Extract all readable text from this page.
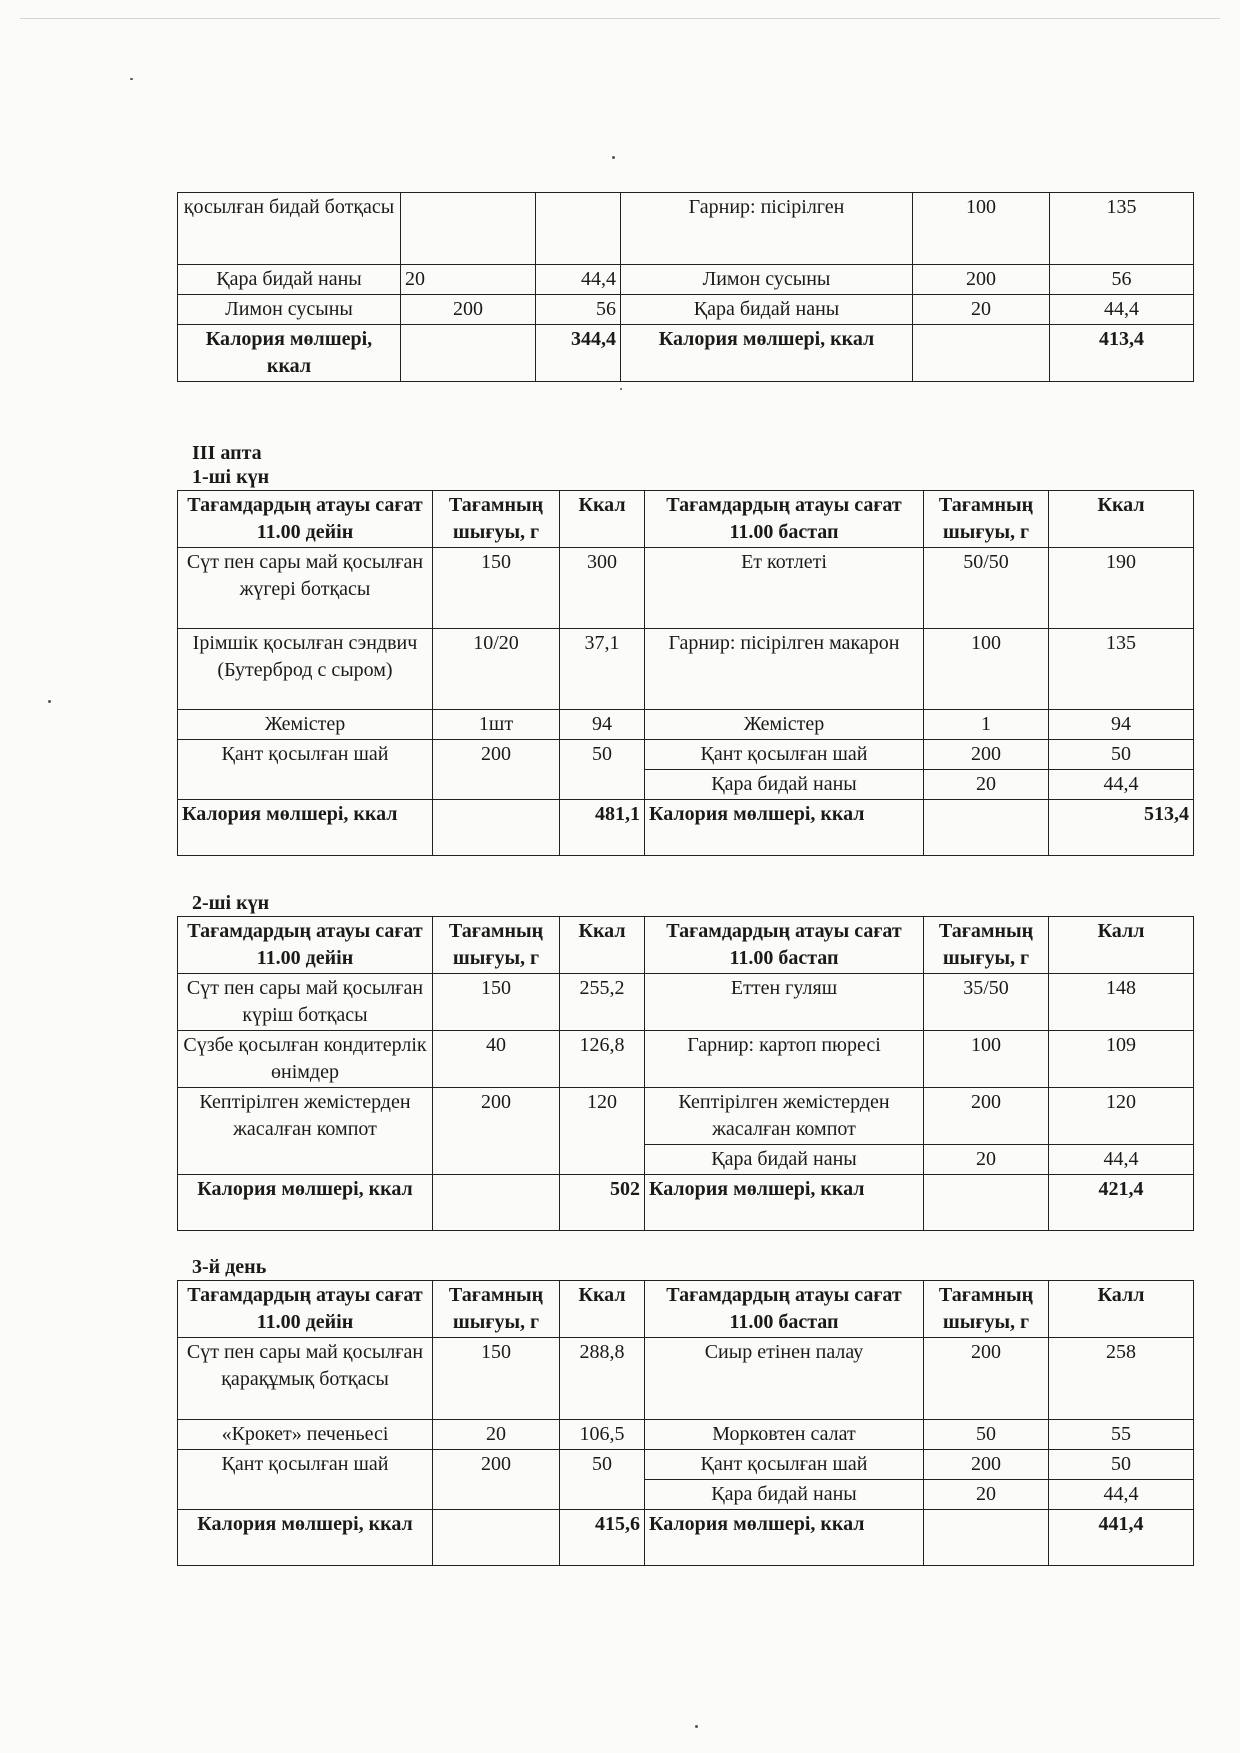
қосылған бидай ботқасы			Гарнир: пісірілген	100	135
Қара бидай наны	20	44,4	Лимон сусыны	200	56
Лимон сусыны	200	56	Қара бидай наны	20	44,4
Калория мөлшері, ккал		344,4	Калория мөлшері, ккал		413,4
III апта
1-ші күн
Тағамдардың атауы сағат 11.00 дейін	Тағамның шығуы, г	Ккал	Тағамдардың атауы сағат 11.00 бастап	Тағамның шығуы, г	Ккал
Сүт пен сары май қосылған жүгері ботқасы	150	300	Ет котлеті	50/50	190
Ірімшік қосылған сэндвич (Бутерброд с сыром)	10/20	37,1	Гарнир: пісірілген макарон	100	135
Жемістер	1шт	94	Жемістер	1	94
Қант қосылған шай	200	50	Қант қосылған шай	200	50
			Қара бидай наны	20	44,4
Калория мөлшері, ккал		481,1	Калория мөлшері, ккал		513,4
2-ші күн
Тағамдардың атауы сағат 11.00 дейін	Тағамның шығуы, г	Ккал	Тағамдардың атауы сағат 11.00 бастап	Тағамның шығуы, г	Калл
Сүт пен сары май қосылған күріш ботқасы	150	255,2	Еттен гуляш	35/50	148
Сүзбе қосылған кондитерлік өнімдер	40	126,8	Гарнир: картоп пюресі	100	109
Кептірілген жемістерден жасалған компот	200	120	Кептірілген жемістерден жасалған компот	200	120
			Қара бидай наны	20	44,4
Калория мөлшері, ккал		502	Калория мөлшері, ккал		421,4
3-й день
Тағамдардың атауы сағат 11.00 дейін	Тағамның шығуы, г	Ккал	Тағамдардың атауы сағат 11.00 бастап	Тағамның шығуы, г	Калл
Сүт пен сары май қосылған қарақұмық ботқасы	150	288,8	Сиыр етінен палау	200	258
«Крокет» печеньесі	20	106,5	Морковтен салат	50	55
Қант қосылған шай	200	50	Қант қосылған шай	200	50
			Қара бидай наны	20	44,4
Калория мөлшері, ккал		415,6	Калория мөлшері, ккал		441,4
